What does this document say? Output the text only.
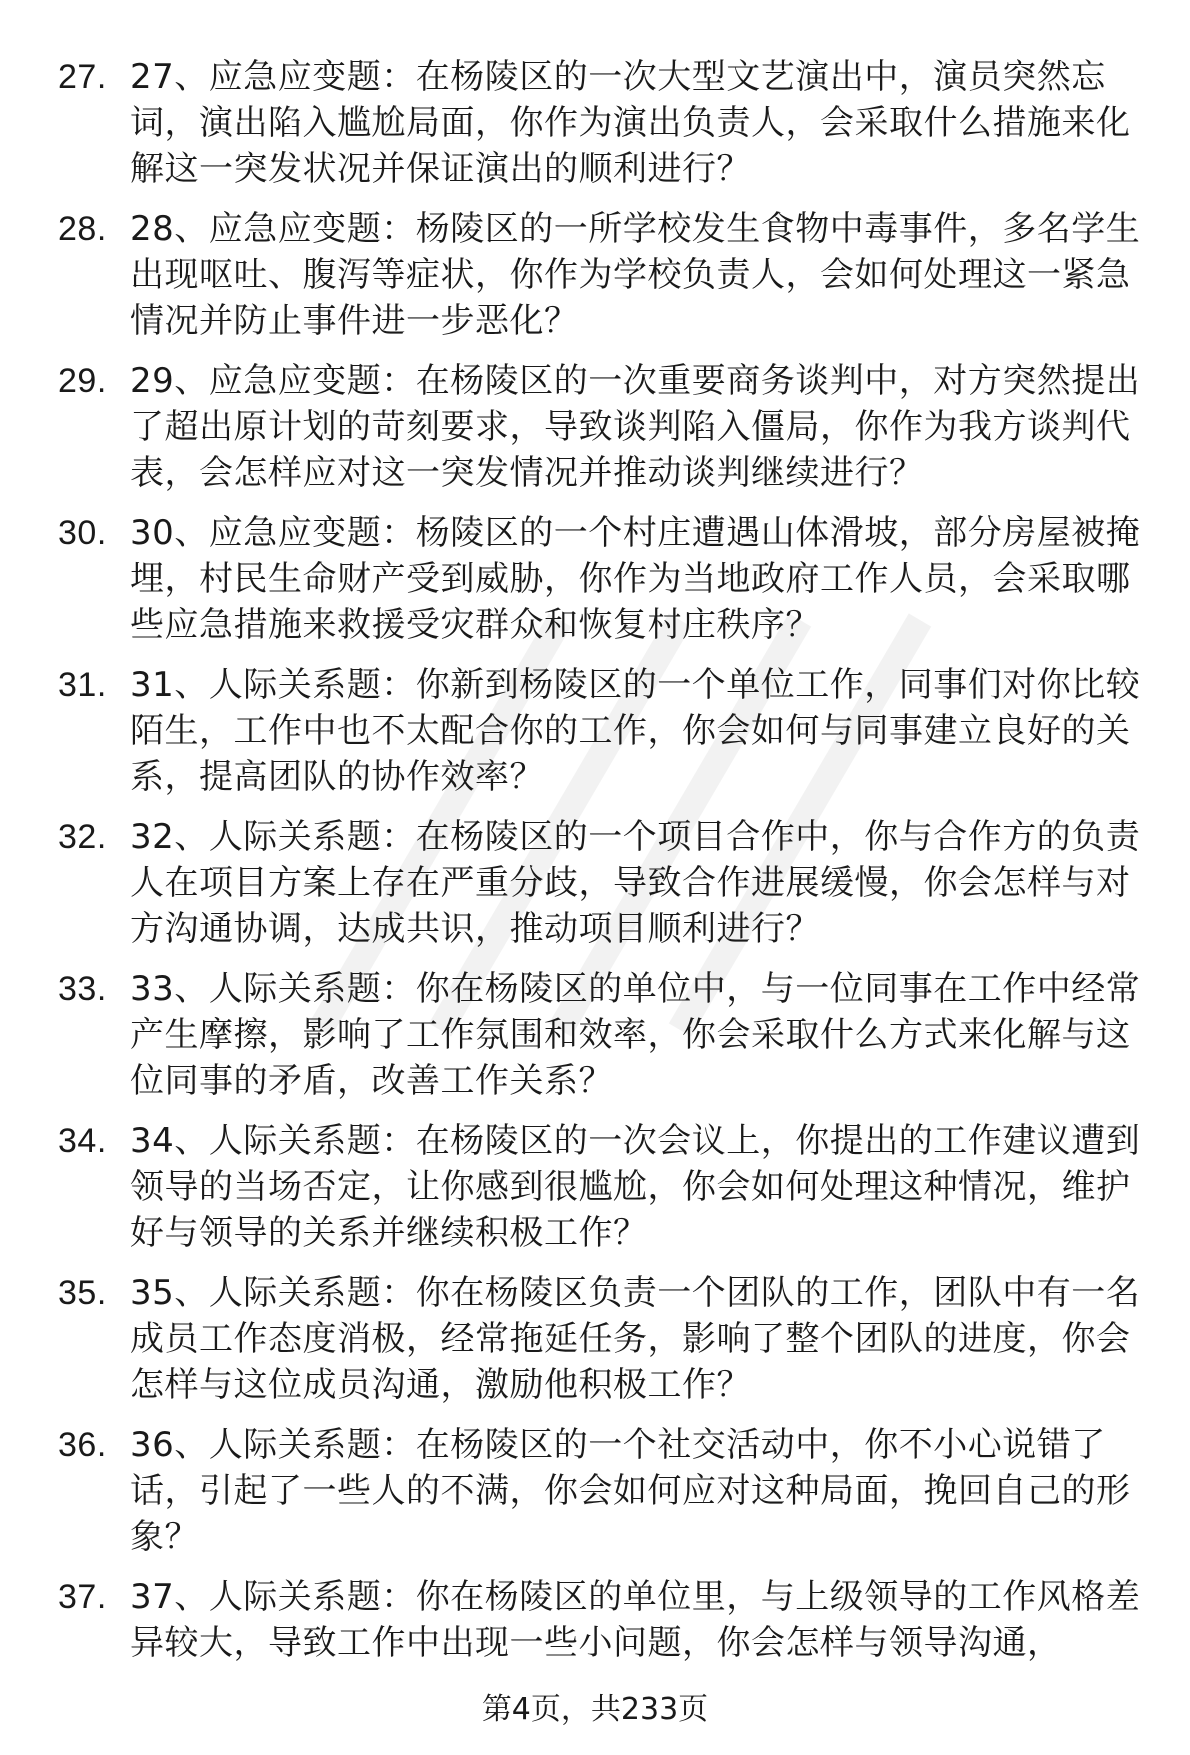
27. 27、应急应变题：在杨陵区的一次大型文艺演出中，演员突然忘词，演出陷入尴尬局面，你作为演出负责人，会采取什么措施来化解这一突发状况并保证演出的顺利进行？
28. 28、应急应变题：杨陵区的一所学校发生食物中毒事件，多名学生出现呕吐、腹泻等症状，你作为学校负责人，会如何处理这一紧急情况并防止事件进一步恶化？
29. 29、应急应变题：在杨陵区的一次重要商务谈判中，对方突然提出了超出原计划的苛刻要求，导致谈判陷入僵局，你作为我方谈判代表，会怎样应对这一突发情况并推动谈判继续进行？
30. 30、应急应变题：杨陵区的一个村庄遭遇山体滑坡，部分房屋被掩埋，村民生命财产受到威胁，你作为当地政府工作人员，会采取哪些应急措施来救援受灾群众和恢复村庄秩序？
31. 31、人际关系题：你新到杨陵区的一个单位工作，同事们对你比较陌生，工作中也不太配合你的工作，你会如何与同事建立良好的关系，提高团队的协作效率？
32. 32、人际关系题：在杨陵区的一个项目合作中，你与合作方的负责人在项目方案上存在严重分歧，导致合作进展缓慢，你会怎样与对方沟通协调，达成共识，推动项目顺利进行？
33. 33、人际关系题：你在杨陵区的单位中，与一位同事在工作中经常产生摩擦，影响了工作氛围和效率，你会采取什么方式来化解与这位同事的矛盾，改善工作关系？
34. 34、人际关系题：在杨陵区的一次会议上，你提出的工作建议遭到领导的当场否定，让你感到很尴尬，你会如何处理这种情况，维护好与领导的关系并继续积极工作？
35. 35、人际关系题：你在杨陵区负责一个团队的工作，团队中有一名成员工作态度消极，经常拖延任务，影响了整个团队的进度，你会怎样与这位成员沟通，激励他积极工作？
36. 36、人际关系题：在杨陵区的一个社交活动中，你不小心说错了话，引起了一些人的不满，你会如何应对这种局面，挽回自己的形象？
37. 37、人际关系题：你在杨陵区的单位里，与上级领导的工作风格差异较大，导致工作中出现一些小问题，你会怎样与领导沟通，
第4页，共233页
